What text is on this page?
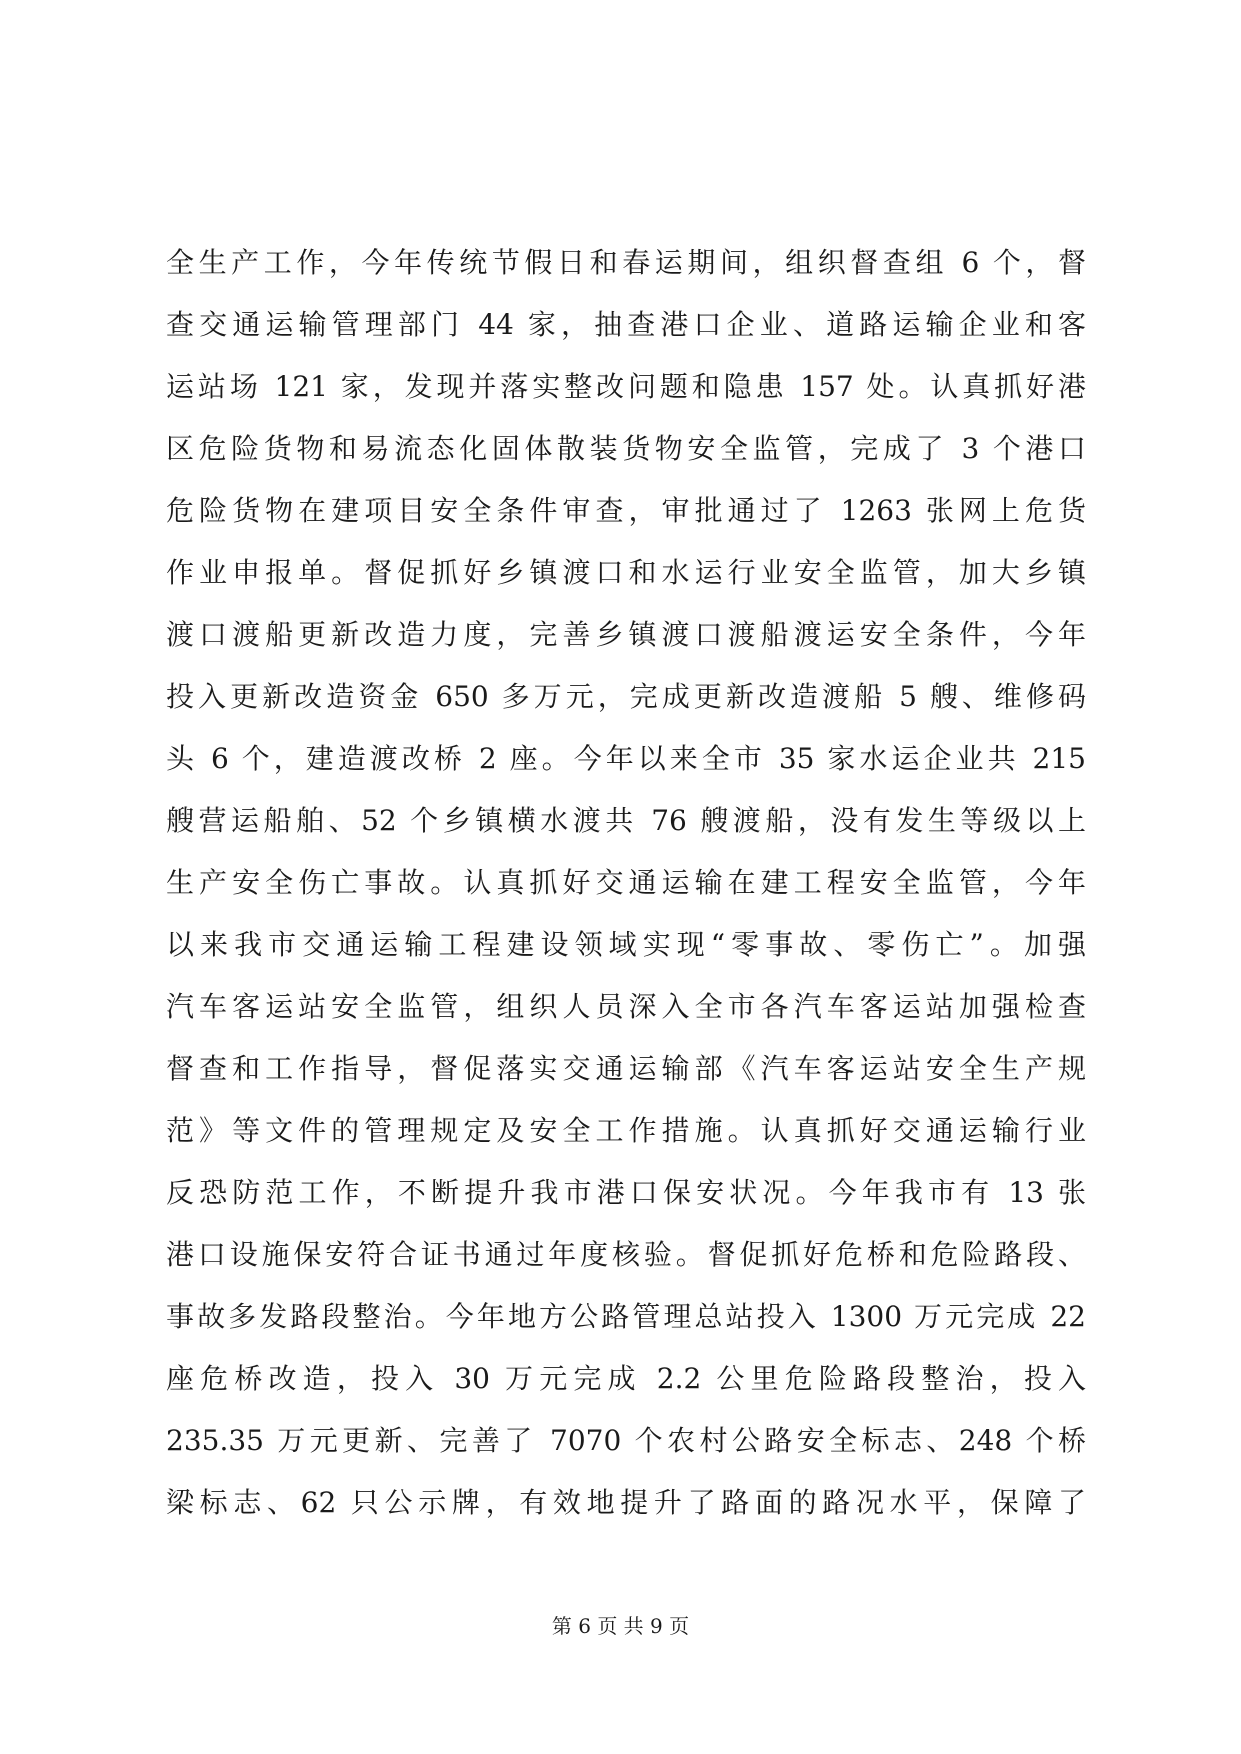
全生产工作，今年传统节假日和春运期间，组织督查组 6 个，督
查交通运输管理部门 44 家，抽查港口企业、道路运输企业和客
运站场 121 家，发现并落实整改问题和隐患 157 处。认真抓好港
区危险货物和易流态化固体散装货物安全监管，完成了 3 个港口
危险货物在建项目安全条件审查，审批通过了 1263 张网上危货
作业申报单。督促抓好乡镇渡口和水运行业安全监管，加大乡镇
渡口渡船更新改造力度，完善乡镇渡口渡船渡运安全条件，今年
投入更新改造资金 650 多万元，完成更新改造渡船 5 艘、维修码
头 6 个，建造渡改桥 2 座。今年以来全市 35 家水运企业共 215
艘营运船舶、52 个乡镇横水渡共 76 艘渡船，没有发生等级以上
生产安全伤亡事故。认真抓好交通运输在建工程安全监管，今年
以来我市交通运输工程建设领域实现“零事故、零伤亡”。加强
汽车客运站安全监管，组织人员深入全市各汽车客运站加强检查
督查和工作指导，督促落实交通运输部《汽车客运站安全生产规
范》等文件的管理规定及安全工作措施。认真抓好交通运输行业
反恐防范工作，不断提升我市港口保安状况。今年我市有 13 张
港口设施保安符合证书通过年度核验。督促抓好危桥和危险路段、
事故多发路段整治。今年地方公路管理总站投入 1300 万元完成 22
座危桥改造，投入 30 万元完成 2.2 公里危险路段整治，投入
235.35 万元更新、完善了 7070 个农村公路安全标志、248 个桥
梁标志、62 只公示牌，有效地提升了路面的路况水平，保障了
第 6 页 共 9 页
